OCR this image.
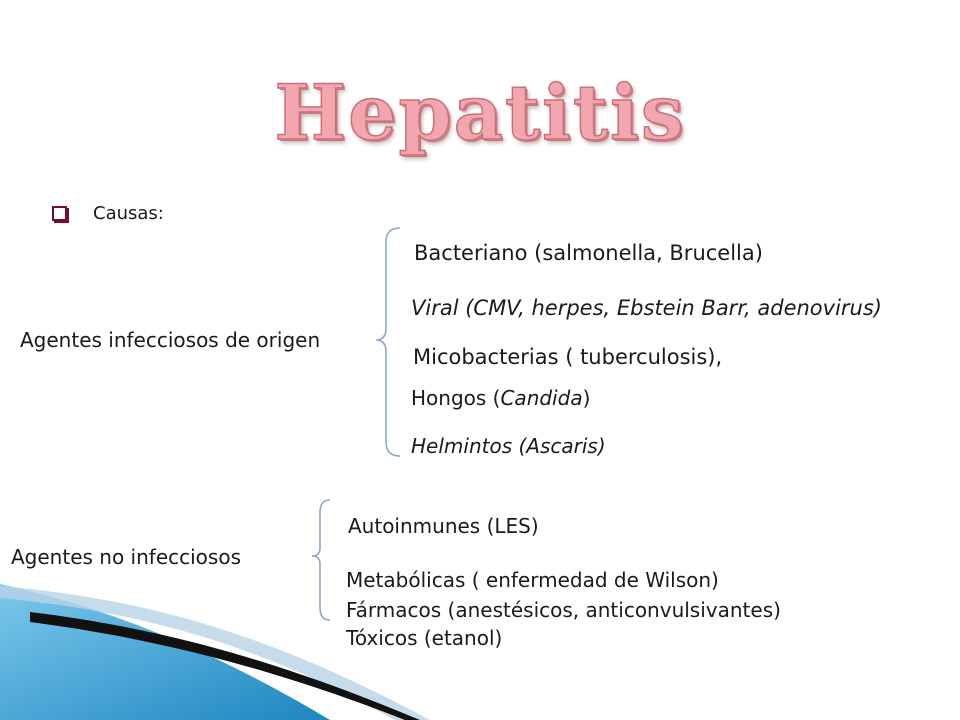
Hepatitis
Causas:
Agentes infecciosos de origen
Bacteriano (salmonella, Brucella)
Viral (CMV, herpes, Ebstein Barr, adenovirus)
Micobacterias ( tuberculosis),
Hongos (Candida)
Helmintos (Ascaris)
Agentes no infecciosos
Autoinmunes (LES)
Metabólicas ( enfermedad de Wilson)
Fármacos (anestésicos, anticonvulsivantes)
Tóxicos (etanol)
